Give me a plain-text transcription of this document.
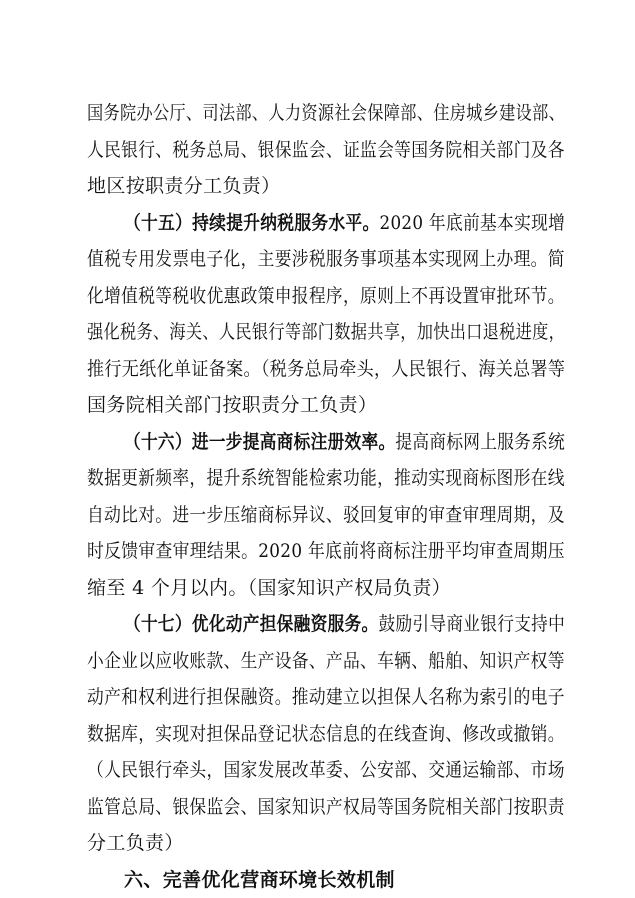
国务院办公厅、司法部、人力资源社会保障部、住房城乡建设部、
人民银行、税务总局、银保监会、证监会等国务院相关部门及各
地区按职责分工负责）
（十五）持续提升纳税服务水平。2020 年底前基本实现增
值税专用发票电子化，主要涉税服务事项基本实现网上办理。简
化增值税等税收优惠政策申报程序，原则上不再设置审批环节。
强化税务、海关、人民银行等部门数据共享，加快出口退税进度，
推行无纸化单证备案。（税务总局牵头，人民银行、海关总署等
国务院相关部门按职责分工负责）
（十六）进一步提高商标注册效率。提高商标网上服务系统
数据更新频率，提升系统智能检索功能，推动实现商标图形在线
自动比对。进一步压缩商标异议、驳回复审的审查审理周期，及
时反馈审查审理结果。2020 年底前将商标注册平均审查周期压
缩至 4 个月以内。（国家知识产权局负责）
（十七）优化动产担保融资服务。鼓励引导商业银行支持中
小企业以应收账款、生产设备、产品、车辆、船舶、知识产权等
动产和权利进行担保融资。推动建立以担保人名称为索引的电子
数据库，实现对担保品登记状态信息的在线查询、修改或撤销。
（人民银行牵头，国家发展改革委、公安部、交通运输部、市场
监管总局、银保监会、国家知识产权局等国务院相关部门按职责
分工负责）
六、完善优化营商环境长效机制
